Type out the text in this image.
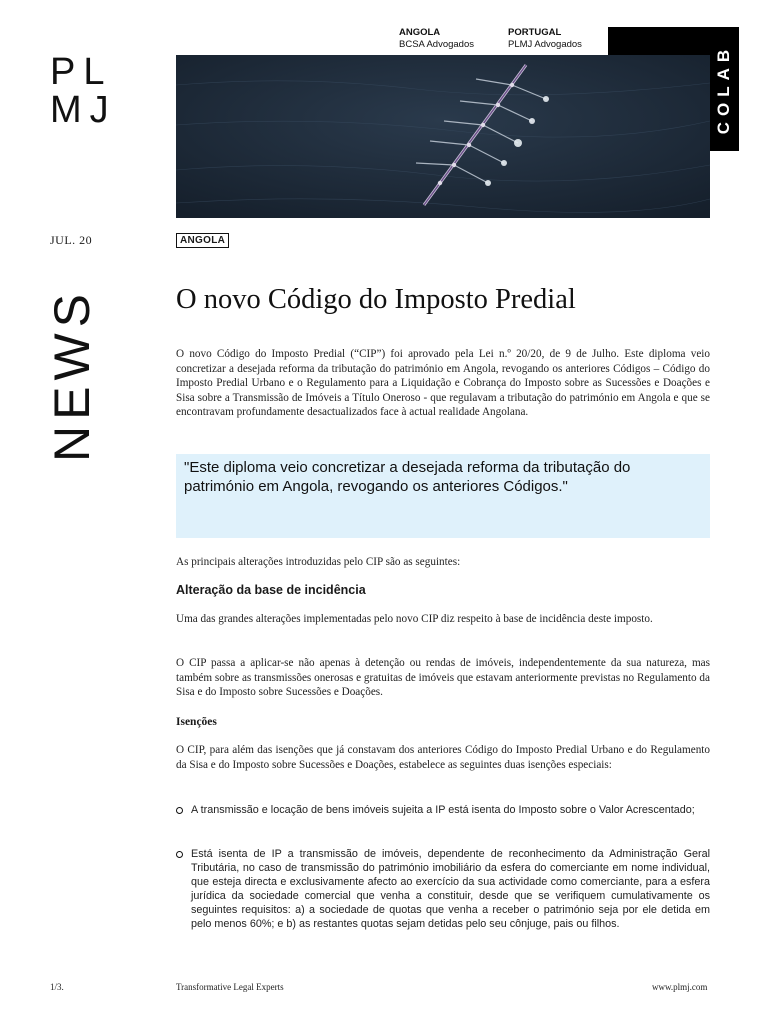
PL
MJ
ANGOLA
BCSA Advogados
PORTUGAL
PLMJ Advogados	COLAB
JUL. 20	ANGOLA
NEWS	O novo Código do Imposto Predial

O novo Código do Imposto Predial (“CIP”) foi aprovado pela Lei n.º 20/20, de 9 de Julho. Este diploma veio concretizar a desejada reforma da tributação do património em Angola, revogando os anteriores Códigos – Código do Imposto Predial Urbano e o Regulamento para a Liquidação e Cobrança do Imposto sobre as Sucessões e Doações e Sisa sobre a Transmissão de Imóveis a Título Oneroso - que regulavam a tributação do património em Angola e que se encontravam profundamente desactualizados face à actual realidade Angolana.

"Este diploma veio concretizar a desejada reforma da tributação do património em Angola, revogando os anteriores Códigos."

As principais alterações introduzidas pelo CIP são as seguintes:

Alteração da base de incidência

Uma das grandes alterações implementadas pelo novo CIP diz respeito à base de incidência deste imposto.

O CIP passa a aplicar-se não apenas à detenção ou rendas de imóveis, independentemente da sua natureza, mas também sobre as transmissões onerosas e gratuitas de imóveis que estavam anteriormente previstas no Regulamento da Sisa e do Imposto sobre Sucessões e Doações.

Isenções

O CIP, para além das isenções que já constavam dos anteriores Código do Imposto Predial Urbano e do Regulamento da Sisa e do Imposto sobre Sucessões e Doações, estabelece as seguintes duas isenções especiais:

A transmissão e locação de bens imóveis sujeita a IP está isenta do Imposto sobre o Valor Acrescentado;

Está isenta de IP a transmissão de imóveis, dependente de reconhecimento da Administração Geral Tributária, no caso de transmissão do património imobiliário da esfera do comerciante em nome individual, que esteja directa e exclusivamente afecto ao exercício da sua actividade como comerciante, para a esfera jurídica da sociedade comercial que venha a constituir, desde que se verifiquem cumulativamente os seguintes requisitos: a) a sociedade de quotas que venha a receber o património seja por ele detida em pelo menos 60%; e b) as restantes quotas sejam detidas pelo seu cônjuge, pais ou filhos.

1/3.	Transformative Legal Experts	www.plmj.com
